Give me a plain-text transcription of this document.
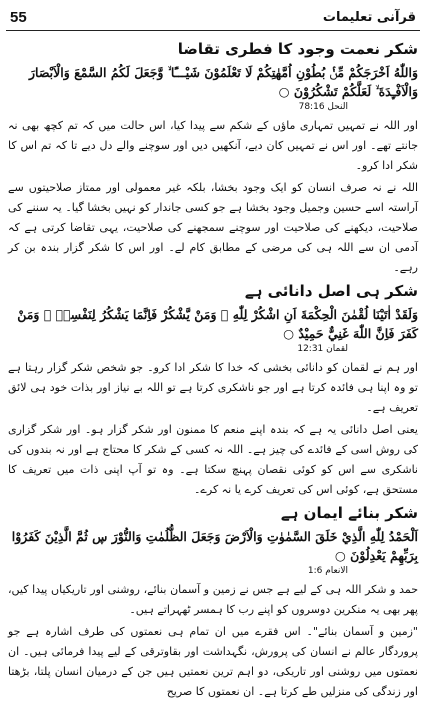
55	قرآنی تعلیمات
شکر نعمت وجود کا فطری تقاضا

وَاللّٰهُ اَخْرَجَكُمْ مِّنْۢ بُطُوْنِ اُمَّهٰتِكُمْ لَا تَعْلَمُوْنَ شَيْـــًٔا ۙ وَّجَعَلَ لَكُمُ السَّمْعَ وَالْاَبْصَارَ وَالْاَفْـِٕدَةَ ۙ لَعَلَّكُمْ تَشْكُرُوْنَ ○

النحل 78:16

اور اللہ نے تمہیں تمہاری ماؤں کے شکم سے پیدا کیا، اس حالت میں کہ تم کچھ بھی نہ جانتے تھے۔ اور اس نے تمہیں کان دیے، آنکھیں دیں اور سوچنے والے دل دیے تا کہ تم اس کا شکر ادا کرو۔

اللہ نے نہ صرف انسان کو ایک وجود بخشا، بلکہ غیر معمولی اور ممتاز صلاحیتوں سے آراستہ اسے حسین وجمیل وجود بخشا ہے جو کسی جاندار کو نہیں بخشا گیا۔ یہ سننے کی صلاحیت، دیکھنے کی صلاحیت اور سوچنے سمجھنے کی صلاحیت، یہی تقاضا کرتی ہے کہ آدمی ان سے اللہ ہی کی مرضی کے مطابق کام لے۔ اور اس کا شکر گزار بندہ بن کر رہے۔

شکر ہی اصل دانائی ہے

وَلَقَدْ اٰتَيْنَا لُقْمٰنَ الْحِكْمَةَ اَنِ اشْكُرْ لِلّٰهِ ۭ وَمَنْ يَّشْكُرْ فَاِنَّمَا يَشْكُرُ لِنَفْسِهٖ ۚ وَمَنْ كَفَرَ فَاِنَّ اللّٰهَ غَنِيٌّ حَمِيْدٌ ○

لقمان 12:31

اور ہم نے لقمان کو دانائی بخشی کہ خدا کا شکر ادا کرو۔ جو شخص شکر گزار رہتا ہے تو وہ اپنا ہی فائدہ کرتا ہے اور جو ناشکری کرتا ہے تو اللہ بے نیاز اور بذات خود ہی لائق تعریف ہے۔

یعنی اصل دانائی یہ ہے کہ بندہ اپنے منعم کا ممنون اور شکر گزار ہو۔ اور شکر گزاری کی روش اسی کے فائدے کی چیز ہے۔ اللہ نہ کسی کے شکر کا محتاج ہے اور نہ بندوں کی ناشکری سے اس کو کوئی نقصان پہنچ سکتا ہے۔ وہ تو آپ اپنی ذات میں تعریف کا مستحق ہے، کوئی اس کی تعریف کرے یا نہ کرے۔

شکر بنائے ایمان ہے

اَلْحَمْدُ لِلّٰهِ الَّذِيْ خَلَقَ السَّمٰوٰتِ وَالْاَرْضَ وَجَعَلَ الظُّلُمٰتِ وَالنُّوْرَ ڛ ثُمَّ الَّذِيْنَ كَفَرُوْا بِرَبِّهِمْ يَعْدِلُوْنَ ○

الانعام 1:6

حمد و شکر اللہ ہی کے لیے ہے جس نے زمین و آسمان بنائے، روشنی اور تاریکیاں پیدا کیں، پھر بھی یہ منکرین دوسروں کو اپنے رب کا ہمسر ٹھہراتے ہیں۔

"زمین و آسمان بنائے"۔ اس فقرے میں ان تمام ہی نعمتوں کی طرف اشارہ ہے جو پروردگار عالم نے انسان کی پرورش، نگہداشت اور بقاوترقی کے لیے پیدا فرمائی ہیں۔ ان نعمتوں میں روشنی اور تاریکی، دو اہم ترین نعمتیں ہیں جن کے درمیان انسان پلتا، بڑھتا اور زندگی کی منزلیں طے کرتا ہے۔ ان نعمتوں کا صریح
